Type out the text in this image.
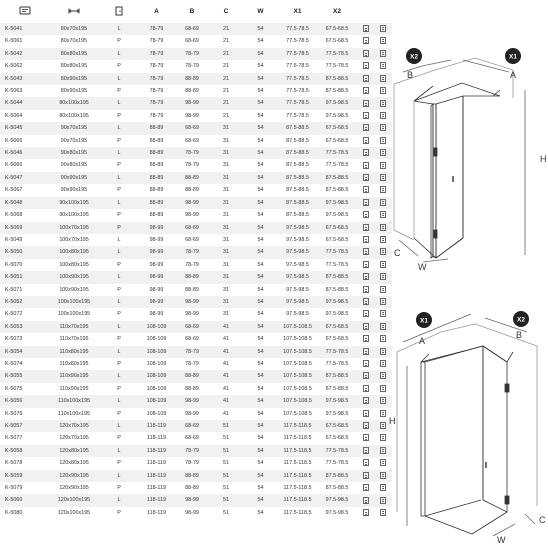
			A	B	C	W	X1	X2		
K-5041	80x70x195	L	78-79	68-69	21	54	77.5-78.5	67.5-68.5		
K-5061	80x70x195	P	78-79	68-69	21	54	77.5-78.5	67.5-68.5		
K-5042	80x80x195	L	78-79	78-79	21	54	77.5-78.5	77.5-78.5		
K-5062	80x80x195	P	78-79	78-79	21	54	77.5-78.5	77.5-78.5		
K-5043	80x90x195	L	78-79	88-89	21	54	77.5-78.5	87.5-88.5		
K-5063	80x90x195	P	78-79	88-89	21	54	77.5-78.5	87.5-88.5		
K-5044	80x100x195	L	78-79	98-99	21	54	77.5-78.5	97.5-98.5		
K-5064	80x100x195	P	78-79	98-99	21	54	77.5-78.5	97.5-98.5		
K-5045	90x70x195	L	88-89	68-69	31	54	87.5-88.5	67.5-68.5		
K-5065	90x70x195	P	88-89	68-69	31	54	87.5-88.5	67.5-68.5		
K-5046	90x80x195	L	88-89	78-79	31	54	87.5-88.5	77.5-78.5		
K-5066	90x80x195	P	88-89	78-79	31	54	87.5-88.5	77.5-78.5		
K-5047	90x90x195	L	88-89	88-89	31	54	87.5-88.5	87.5-88.5		
K-5067	90x90x195	P	88-89	88-89	31	54	87.5-88.5	87.5-88.5		
K-5048	90x100x195	L	88-89	98-99	31	54	87.5-88.5	97.5-98.5		
K-5068	90x100x195	P	88-89	98-99	31	54	87.5-88.5	97.5-98.5		
K-5069	100x70x195	P	98-99	68-69	31	54	97.5-98.5	67.5-68.5		
K-5049	100x70x195	L	98-99	68-69	31	54	97.5-98.5	67.5-68.5		
K-5050	100x80x195	L	98-99	78-79	31	54	97.5-98.5	77.5-78.5		
K-5070	100x80x195	P	98-99	78-79	31	54	97.5-98.5	77.5-78.5		
K-5051	100x90x195	L	98-99	88-89	31	54	97.5-98.5	87.5-88.5		
K-5071	100x90x195	P	98-99	88-89	31	54	97.5-98.5	87.5-88.5		
K-5052	100x100x195	L	98-99	98-99	31	54	97.5-98.5	97.5-98.5		
K-5072	100x100x195	P	98-99	98-99	31	54	97.5-98.5	97.5-98.5		
K-5053	110x70x195	L	108-109	68-69	41	54	107.5-108.5	67.5-68.5		
K-5073	110x70x195	P	108-109	68-69	41	54	107.5-108.5	67.5-68.5		
K-5054	110x80x195	L	108-109	78-79	41	54	107.5-108.5	77.5-78.5		
K-5074	110x80x195	P	108-109	78-79	41	54	107.5-108.5	77.5-78.5		
K-5055	110x90x195	L	108-109	88-89	41	54	107.5-108.5	87.5-88.5		
K-5075	110x90x195	P	108-109	88-89	41	54	107.5-108.5	87.5-88.5		
K-5056	110x100x195	L	108-109	98-99	41	54	107.5-108.5	97.5-98.5		
K-5076	110x100x195	P	108-109	98-99	41	54	107.5-108.5	97.5-98.5		
K-5057	120x70x195	L	118-119	68-69	51	54	117.5-118.5	67.5-68.5		
K-5077	120x70x195	P	118-119	68-69	51	54	117.5-118.5	67.5-68.5		
K-5058	120x80x195	L	118-119	78-79	51	54	117.5-118.5	77.5-78.5		
K-5078	120x80x195	P	118-119	78-79	51	54	117.5-118.5	77.5-78.5		
K-5059	120x90x195	L	118-119	88-89	51	54	117.5-118.5	87.5-88.5		
K-5079	120x90x195	P	118-119	88-89	51	54	117.5-118.5	87.5-88.5		
K-5060	120x100x195	L	118-119	98-99	51	54	117.5-118.5	97.5-98.5		
K-5080	120x100x195	P	118-119	98-99	51	54	117.5-118.5	97.5-98.5		
X2	X1
B	A
H
C
W
X1	X2
A
B
H
C
W
